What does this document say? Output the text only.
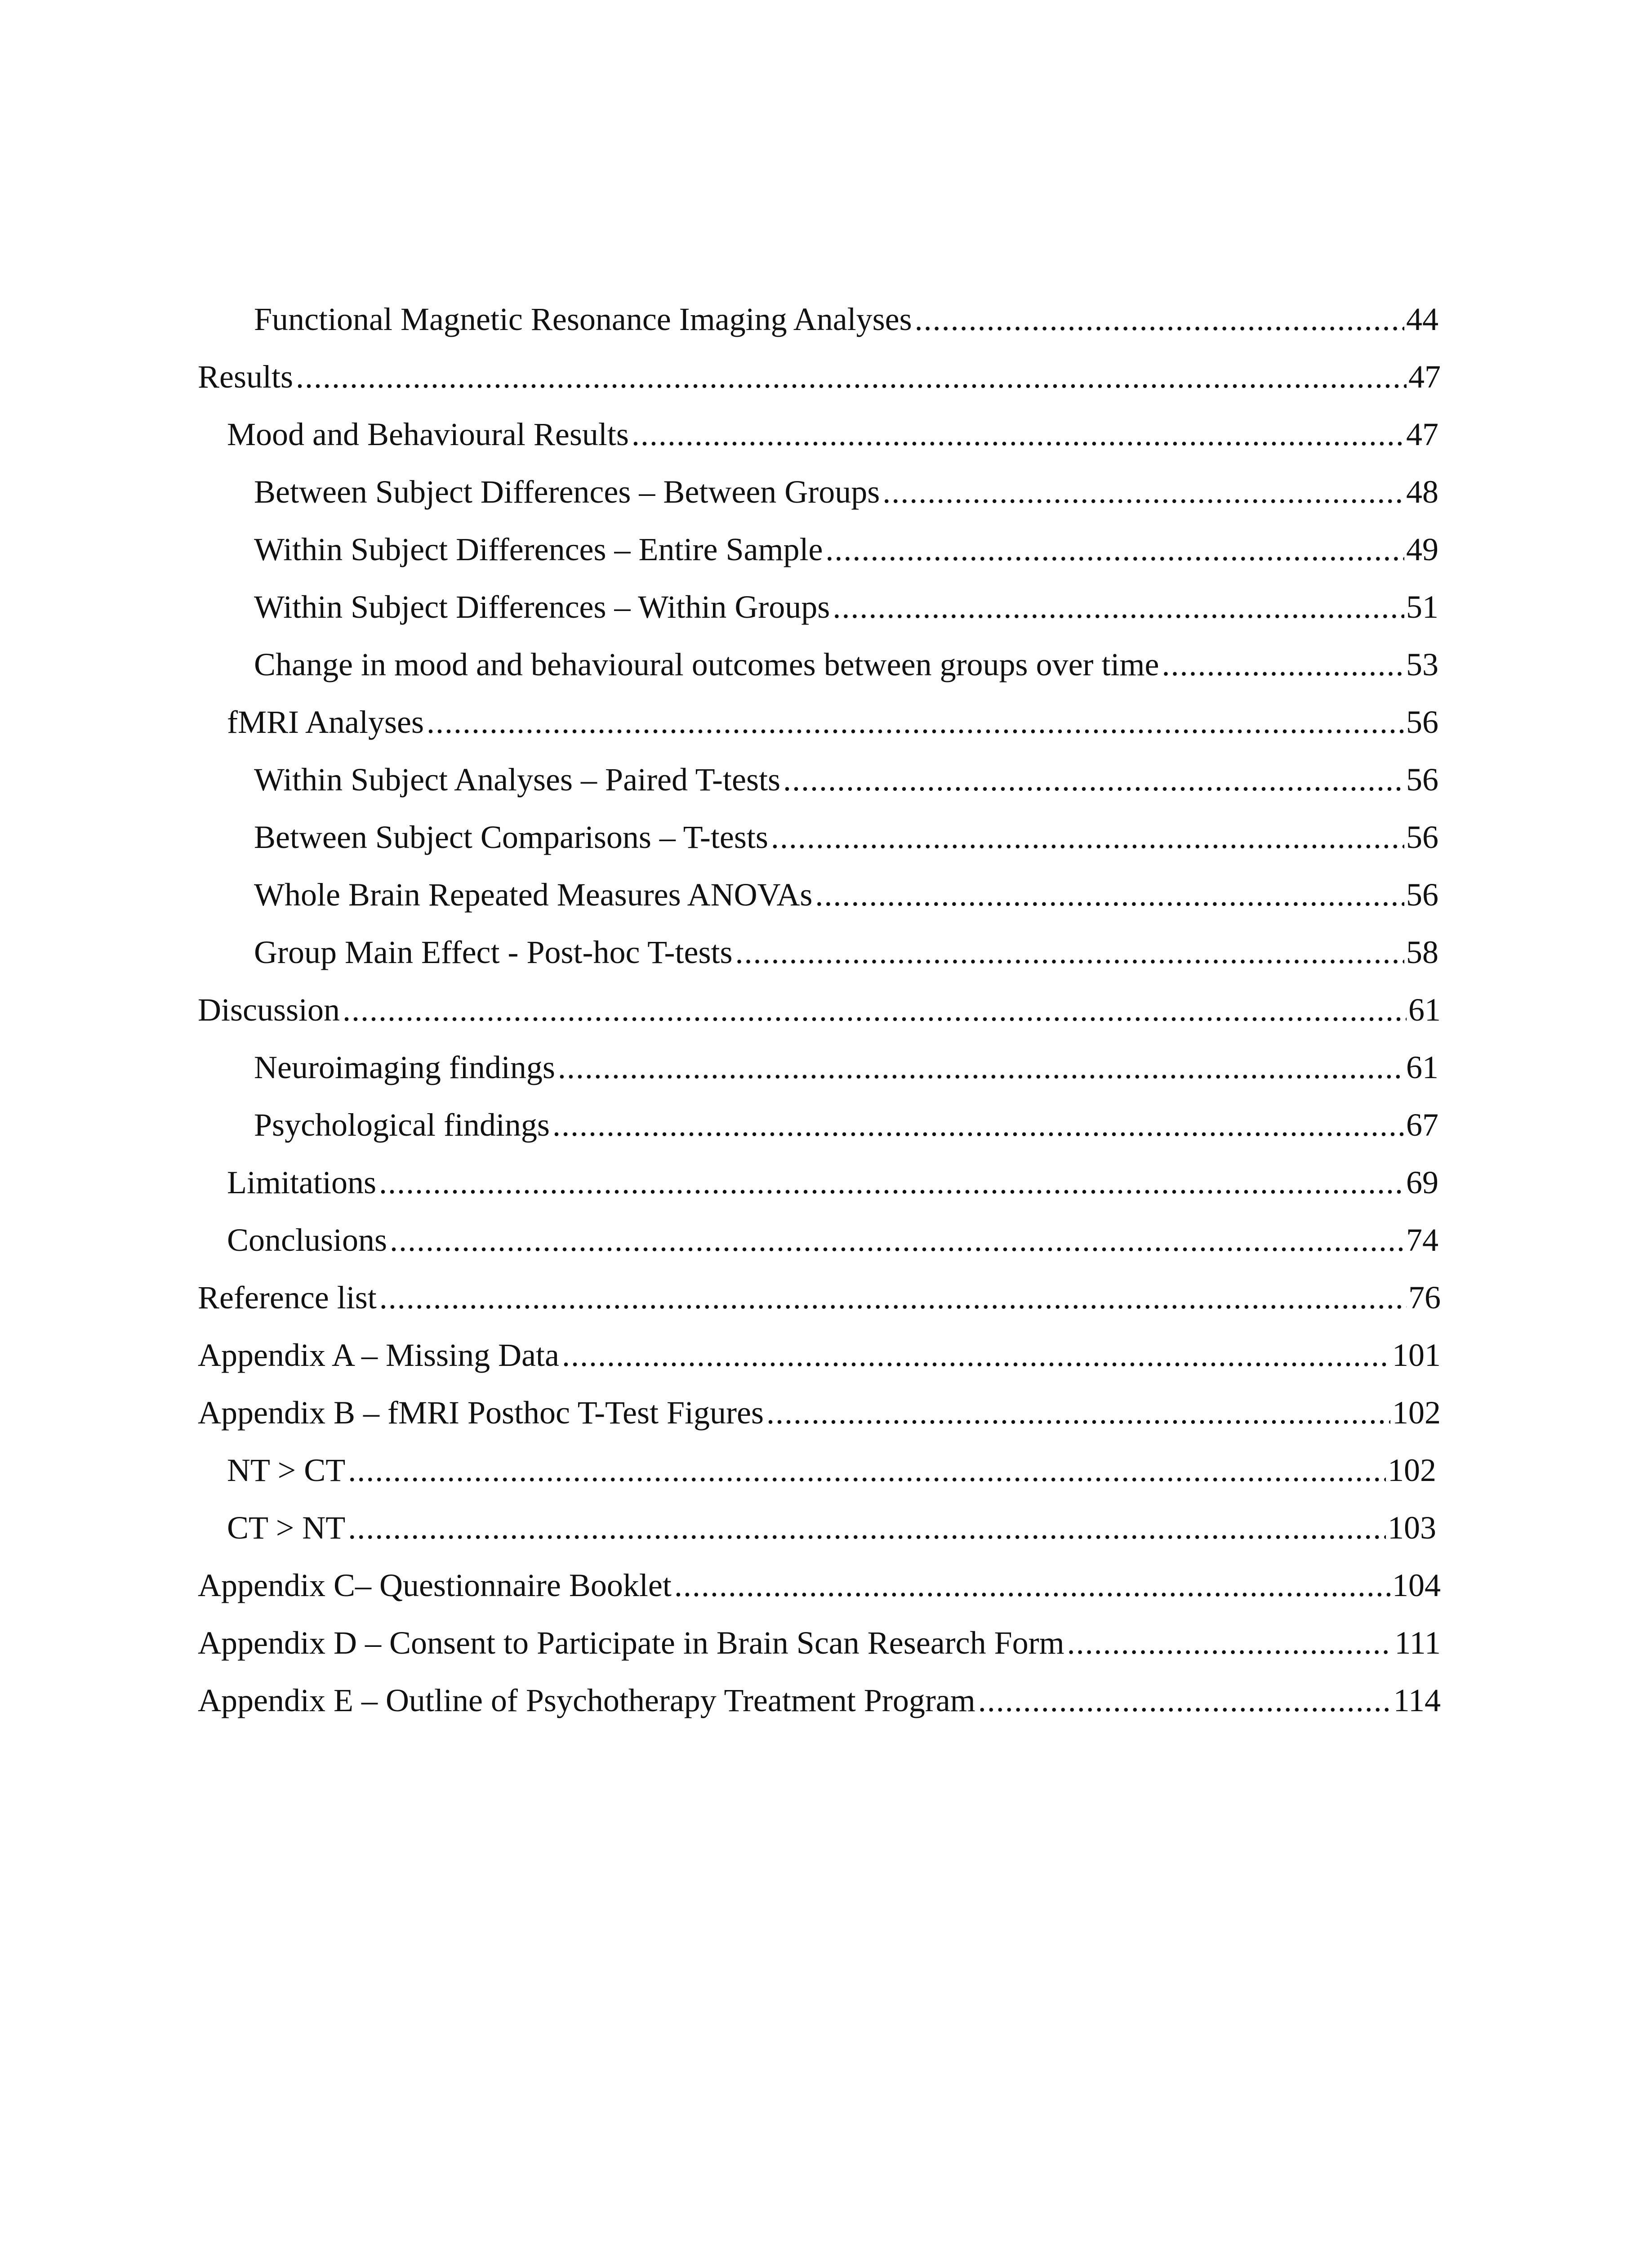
Functional Magnetic Resonance Imaging Analyses . . .	44
Results . . .	47
Mood and Behavioural Results . . .	47
Between Subject Differences – Between Groups . . .	48
Within Subject Differences – Entire Sample . . .	49
Within Subject Differences – Within Groups . . .	51
Change in mood and behavioural outcomes between groups over time . . .	53
fMRI Analyses . . .	56
Within Subject Analyses – Paired T-tests . . .	56
Between Subject Comparisons – T-tests . . .	56
Whole Brain Repeated Measures ANOVAs . . .	56
Group Main Effect - Post-hoc T-tests . . .	58
Discussion . . .	61
Neuroimaging findings . . .	61
Psychological findings . . .	67
Limitations . . .	69
Conclusions . . .	74
Reference list . . .	76
Appendix A – Missing Data . . .	101
Appendix B – fMRI Posthoc T-Test Figures . . .	102
NT > CT . . .	102
CT > NT . . .	103
Appendix C– Questionnaire Booklet . . .	104
Appendix D – Consent to Participate in Brain Scan Research Form . . .	111
Appendix E – Outline of Psychotherapy Treatment Program . . .	114
